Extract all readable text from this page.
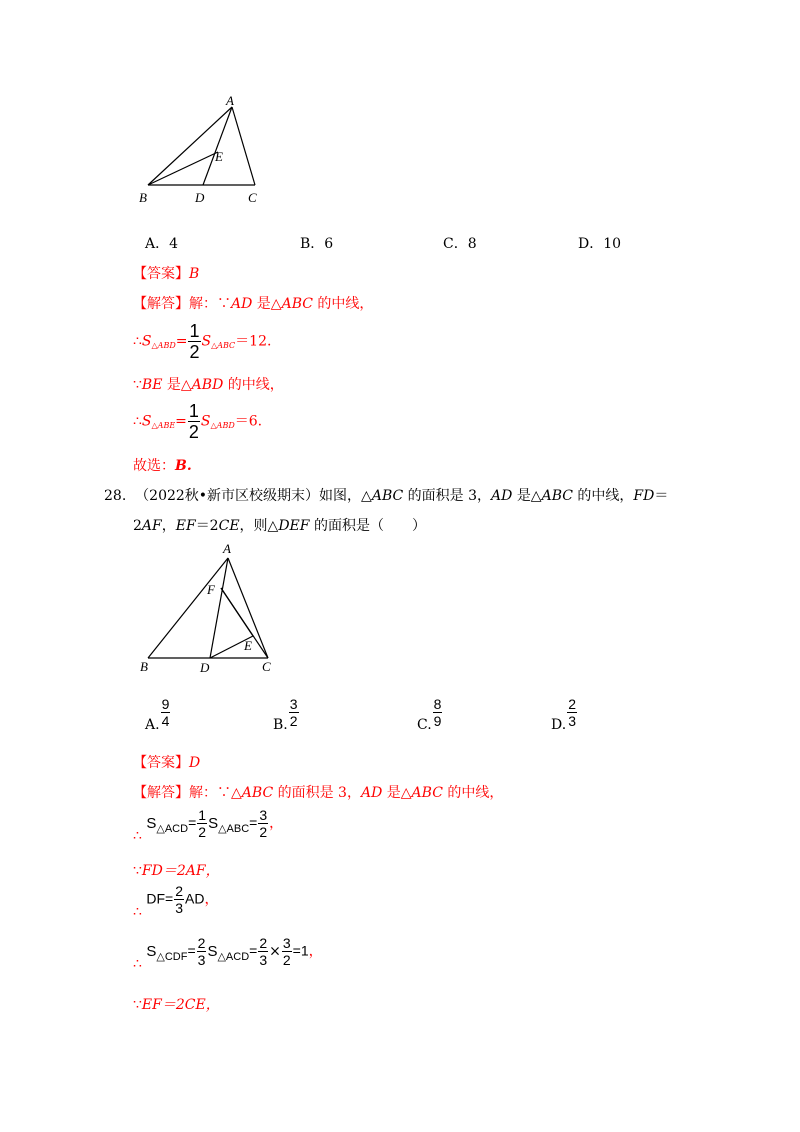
A
B	C
D
E
A．4	B．6	C．8	D．10
【答案】B
【解答】解：∵AD 是△ABC 的中线，
∴S△ABD= $\frac{1}{2}$ S△ABC＝12.
∵BE 是△ABD 的中线，
∴S△ABE= $\frac{1}{2}$ S△ABD＝6.
故选：B.
28. （2022秋•新市区校级期末）如图，△ABC 的面积是 3，AD 是△ABC 的中线，FD＝
2AF，EF＝2CE，则△DEF 的面积是（　　）
A
B	C
D
E
F
A. $\frac{9}{4}$	B. $\frac{3}{2}$	C. $\frac{8}{9}$	D. $\frac{2}{3}$
【答案】D
【解答】解：∵△ABC 的面积是 3，AD 是△ABC 的中线，
∴ $S_{\triangle ACD}= \frac{1}{2} S_{\triangle ABC}= \frac{3}{2}$ ，
∵FD＝2AF，
∴ $DF= \frac{2}{3}$ AD，
∴ $S_{\triangle CDF}= \frac{2}{3} S_{\triangle ACD}= \frac{2}{3} \times \frac{3}{2} =1$，
∵EF＝2CE，
